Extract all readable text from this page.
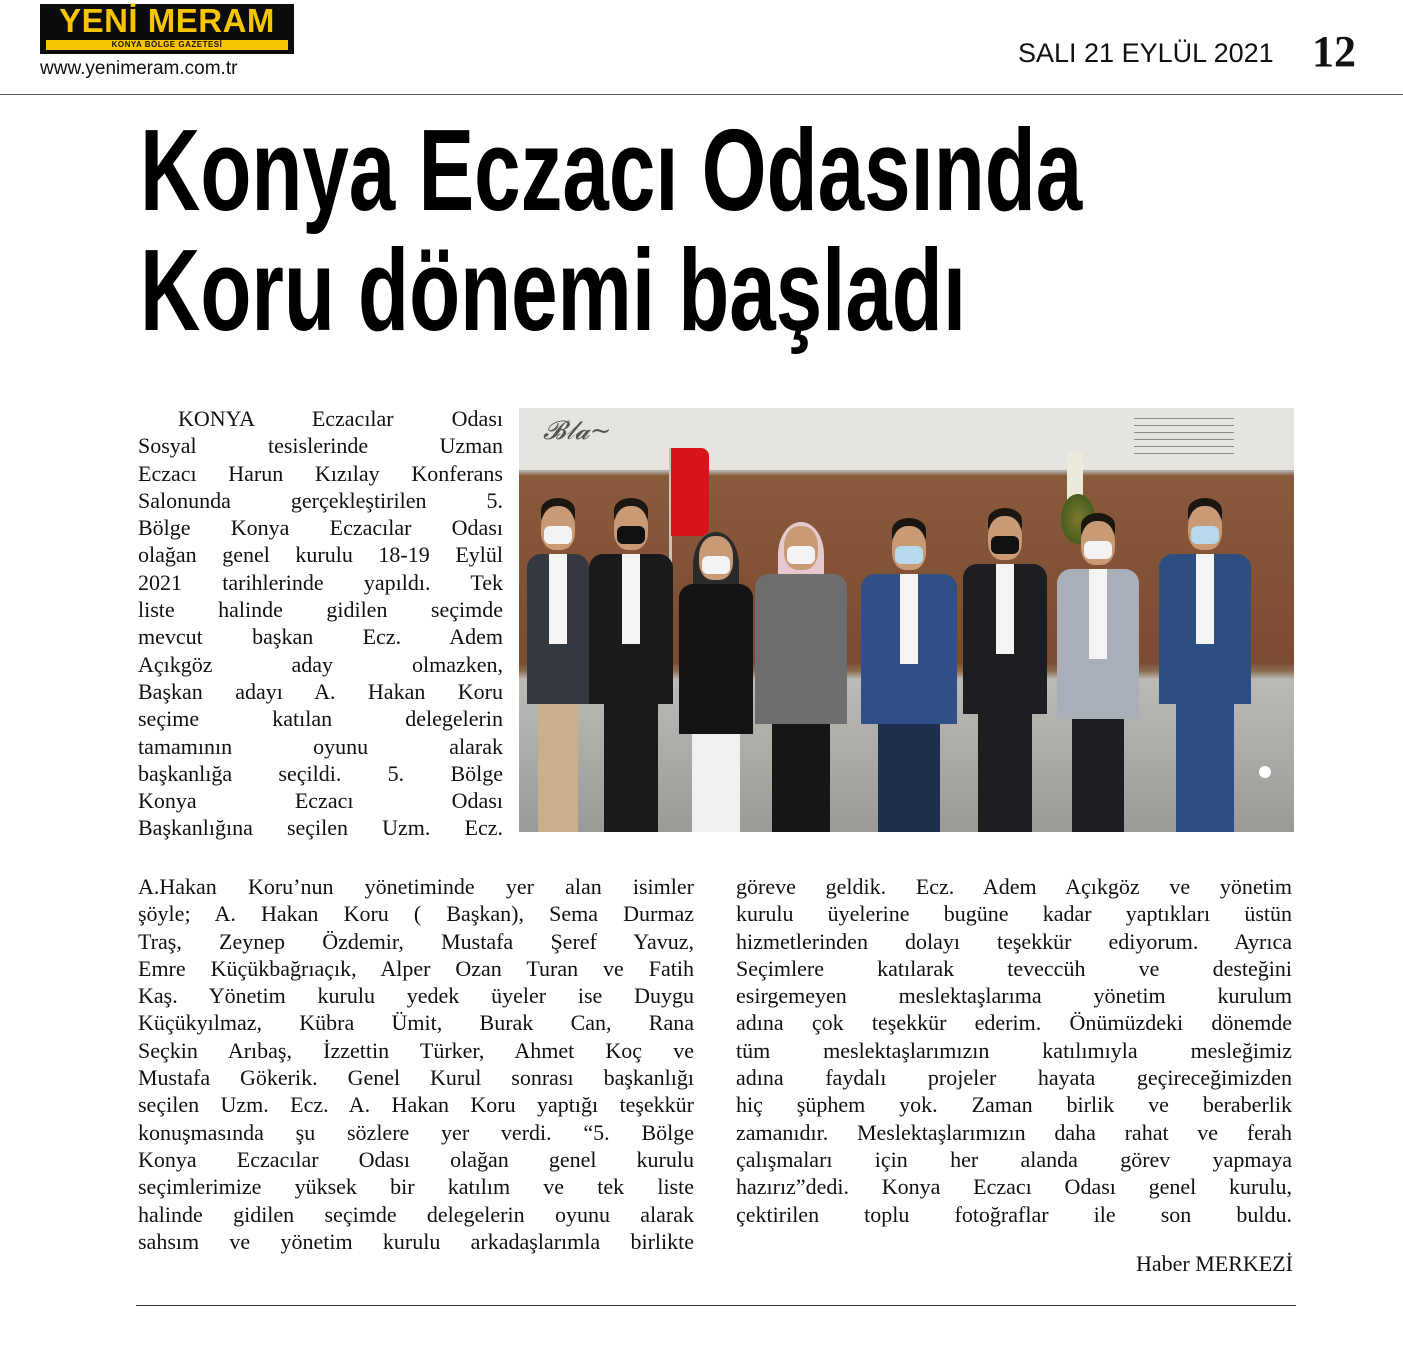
YENİ MERAM
KONYA BÖLGE GAZETESİ
www.yenimeram.com.tr
SALI 21 EYLÜL 2021 12
Konya Eczacı Odasında
Koru dönemi başladı

KONYA Eczacılar Odası

Sosyal tesislerinde Uzman

Eczacı Harun Kızılay Konferans

Salonunda gerçekleştirilen 5.

Bölge Konya Eczacılar Odası

olağan genel kurulu 18-19 Eylül

2021 tarihlerinde yapıldı. Tek

liste halinde gidilen seçimde

mevcut başkan Ecz. Adem

Açıkgöz aday olmazken,

Başkan adayı A. Hakan Koru

seçime katılan delegelerin

tamamının oyunu alarak

başkanlığa seçildi. 5. Bölge

Konya Eczacı Odası

Başkanlığına seçilen Uzm. Ecz.

𝓑𝓁𝓪~

A.Hakan Koru’nun yönetiminde yer alan isimler

şöyle; A. Hakan Koru ( Başkan), Sema Durmaz

Traş, Zeynep Özdemir, Mustafa Şeref Yavuz,

Emre Küçükbağrıaçık, Alper Ozan Turan ve Fatih

Kaş. Yönetim kurulu yedek üyeler ise Duygu

Küçükyılmaz, Kübra Ümit, Burak Can, Rana

Seçkin Arıbaş, İzzettin Türker, Ahmet Koç ve

Mustafa Gökerik. Genel Kurul sonrası başkanlığı

seçilen Uzm. Ecz. A. Hakan Koru yaptığı teşekkür

konuşmasında şu sözlere yer verdi. “5. Bölge

Konya Eczacılar Odası olağan genel kurulu

seçimlerimize yüksek bir katılım ve tek liste

halinde gidilen seçimde delegelerin oyunu alarak

sahsım ve yönetim kurulu arkadaşlarımla birlikte

göreve geldik. Ecz. Adem Açıkgöz ve yönetim

kurulu üyelerine bugüne kadar yaptıkları üstün

hizmetlerinden dolayı teşekkür ediyorum. Ayrıca

Seçimlere katılarak teveccüh ve desteğini

esirgemeyen meslektaşlarıma yönetim kurulum

adına çok teşekkür ederim. Önümüzdeki dönemde

tüm meslektaşlarımızın katılımıyla mesleğimiz

adına faydalı projeler hayata geçireceğimizden

hiç şüphem yok. Zaman birlik ve beraberlik

zamanıdır. Meslektaşlarımızın daha rahat ve ferah

çalışmaları için her alanda görev yapmaya

hazırız”dedi. Konya Eczacı Odası genel kurulu,

çektirilen toplu fotoğraflar ile son buldu.

Haber MERKEZİ
